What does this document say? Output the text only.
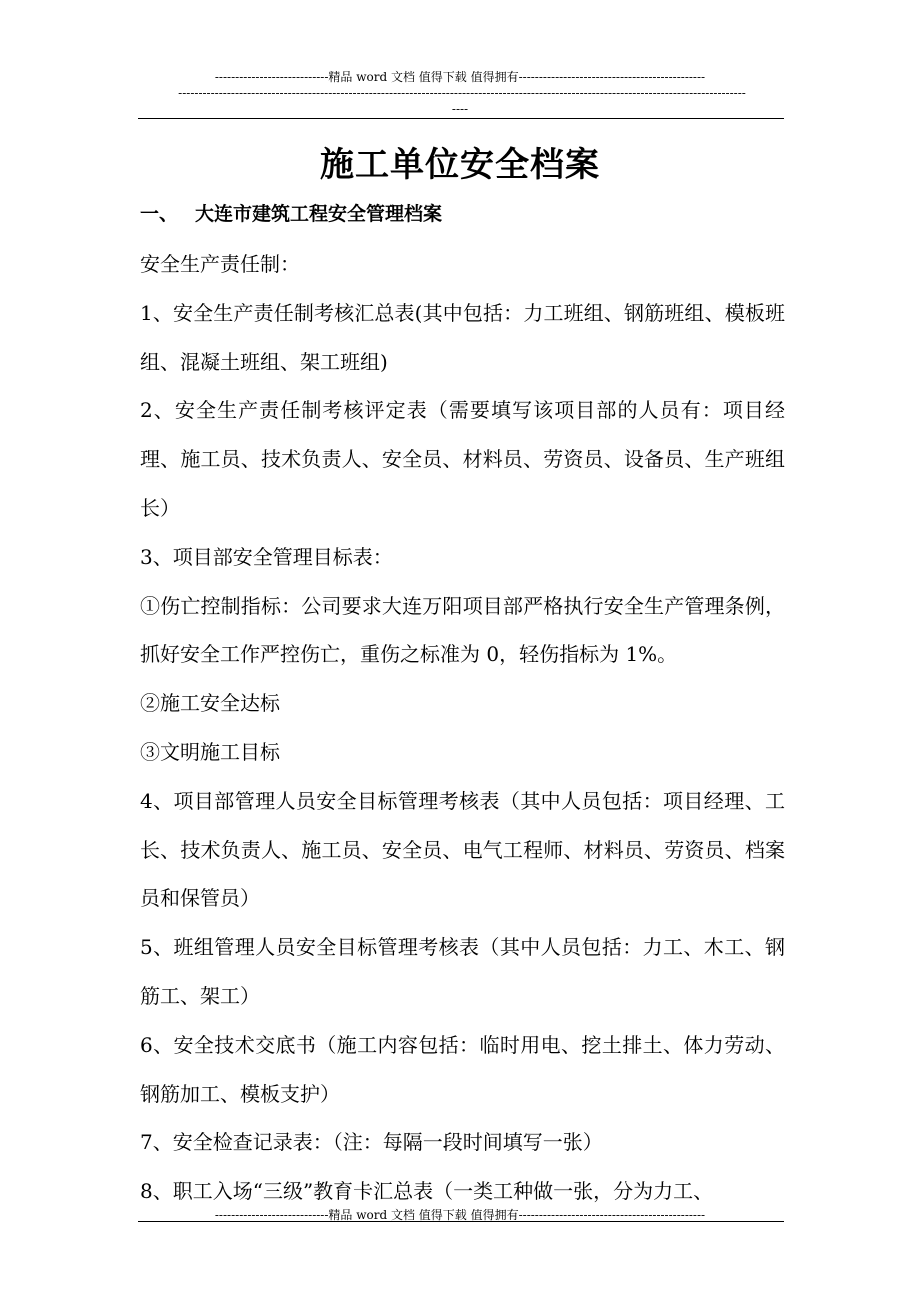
----------------------------精品 word 文档 值得下载 值得拥有----------------------------------------------
--------------------------------------------------------------------------------------------------------------------------------------------
----
施工单位安全档案
一、 大连市建筑工程安全管理档案

安全生产责任制：

1、安全生产责任制考核汇总表(其中包括：力工班组、钢筋班组、模板班组、混凝土班组、架工班组)

2、安全生产责任制考核评定表（需要填写该项目部的人员有：项目经理、施工员、技术负责人、安全员、材料员、劳资员、设备员、生产班组长）

3、项目部安全管理目标表：

①伤亡控制指标：公司要求大连万阳项目部严格执行安全生产管理条例，抓好安全工作严控伤亡，重伤之标准为 0，轻伤指标为 1%。

②施工安全达标

③文明施工目标

4、项目部管理人员安全目标管理考核表（其中人员包括：项目经理、工长、技术负责人、施工员、安全员、电气工程师、材料员、劳资员、档案员和保管员）

5、班组管理人员安全目标管理考核表（其中人员包括：力工、木工、钢筋工、架工）

6、安全技术交底书（施工内容包括：临时用电、挖土排土、体力劳动、钢筋加工、模板支护）

7、安全检查记录表：（注：每隔一段时间填写一张）

8、职工入场“三级”教育卡汇总表（一类工种做一张，分为力工、

----------------------------精品 word 文档 值得下载 值得拥有----------------------------------------------
